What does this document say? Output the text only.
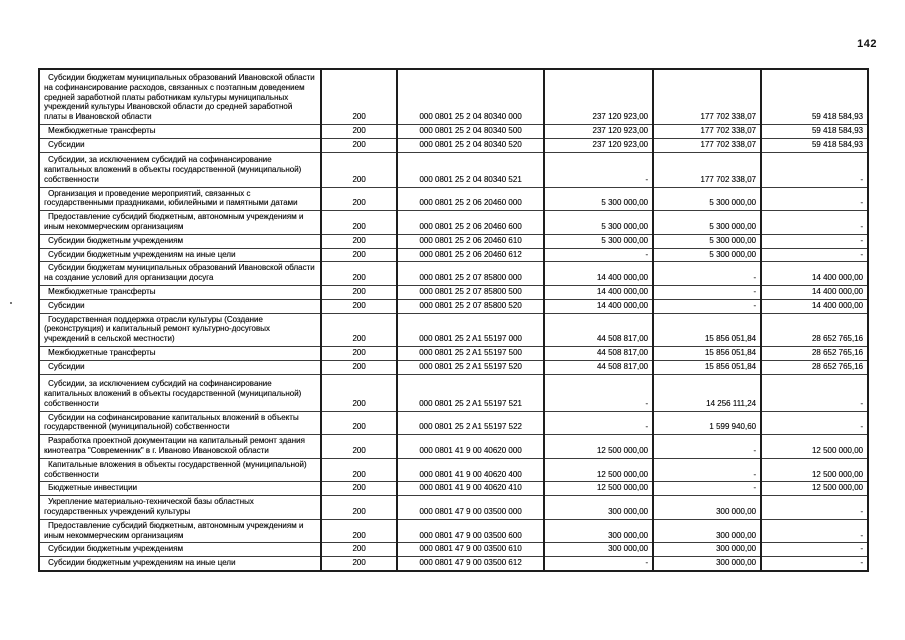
142
Субсидии бюджетам муниципальных образований Ивановской области на софинансирование расходов, связанных с поэтапным доведением средней заработной платы работникам культуры муниципальных учреждений культуры Ивановской области до средней заработной платы в Ивановской области	200	000 0801 25 2 04 80340 000	237 120 923,00	177 702 338,07	59 418 584,93
Межбюджетные трансферты	200	000 0801 25 2 04 80340 500	237 120 923,00	177 702 338,07	59 418 584,93
Субсидии	200	000 0801 25 2 04 80340 520	237 120 923,00	177 702 338,07	59 418 584,93
Субсидии, за исключением субсидий на софинансирование капитальных вложений в объекты государственной (муниципальной) собственности	200	000 0801 25 2 04 80340 521	-	177 702 338,07	-
Организация и проведение мероприятий, связанных с государственными праздниками, юбилейными и памятными датами	200	000 0801 25 2 06 20460 000	5 300 000,00	5 300 000,00	-
Предоставление субсидий бюджетным, автономным учреждениям и иным некоммерческим организациям	200	000 0801 25 2 06 20460 600	5 300 000,00	5 300 000,00	-
Субсидии бюджетным учреждениям	200	000 0801 25 2 06 20460 610	5 300 000,00	5 300 000,00	-
Субсидии бюджетным учреждениям на иные цели	200	000 0801 25 2 06 20460 612	-	5 300 000,00	-
Субсидии бюджетам муниципальных образований Ивановской области на создание условий для организации досуга	200	000 0801 25 2 07 85800 000	14 400 000,00	-	14 400 000,00
Межбюджетные трансферты	200	000 0801 25 2 07 85800 500	14 400 000,00	-	14 400 000,00
Субсидии	200	000 0801 25 2 07 85800 520	14 400 000,00	-	14 400 000,00
Государственная поддержка отрасли культуры (Создание (реконструкция) и капитальный ремонт культурно-досуговых учреждений в сельской местности)	200	000 0801 25 2 A1 55197 000	44 508 817,00	15 856 051,84	28 652 765,16
Межбюджетные трансферты	200	000 0801 25 2 A1 55197 500	44 508 817,00	15 856 051,84	28 652 765,16
Субсидии	200	000 0801 25 2 A1 55197 520	44 508 817,00	15 856 051,84	28 652 765,16
Субсидии, за исключением субсидий на софинансирование капитальных вложений в объекты государственной (муниципальной) собственности	200	000 0801 25 2 A1 55197 521	-	14 256 111,24	-
Субсидии на софинансирование капитальных вложений в объекты государственной (муниципальной) собственности	200	000 0801 25 2 A1 55197 522	-	1 599 940,60	-
Разработка проектной документации на капитальный ремонт здания кинотеатра "Современник" в г. Иваново Ивановской области	200	000 0801 41 9 00 40620 000	12 500 000,00	-	12 500 000,00
Капитальные вложения в объекты государственной (муниципальной) собственности	200	000 0801 41 9 00 40620 400	12 500 000,00	-	12 500 000,00
Бюджетные инвестиции	200	000 0801 41 9 00 40620 410	12 500 000,00	-	12 500 000,00
Укрепление материально-технической базы областных государственных учреждений культуры	200	000 0801 47 9 00 03500 000	300 000,00	300 000,00	-
Предоставление субсидий бюджетным, автономным учреждениям и иным некоммерческим организациям	200	000 0801 47 9 00 03500 600	300 000,00	300 000,00	-
Субсидии бюджетным учреждениям	200	000 0801 47 9 00 03500 610	300 000,00	300 000,00	-
Субсидии бюджетным учреждениям на иные цели	200	000 0801 47 9 00 03500 612	-	300 000,00	-
